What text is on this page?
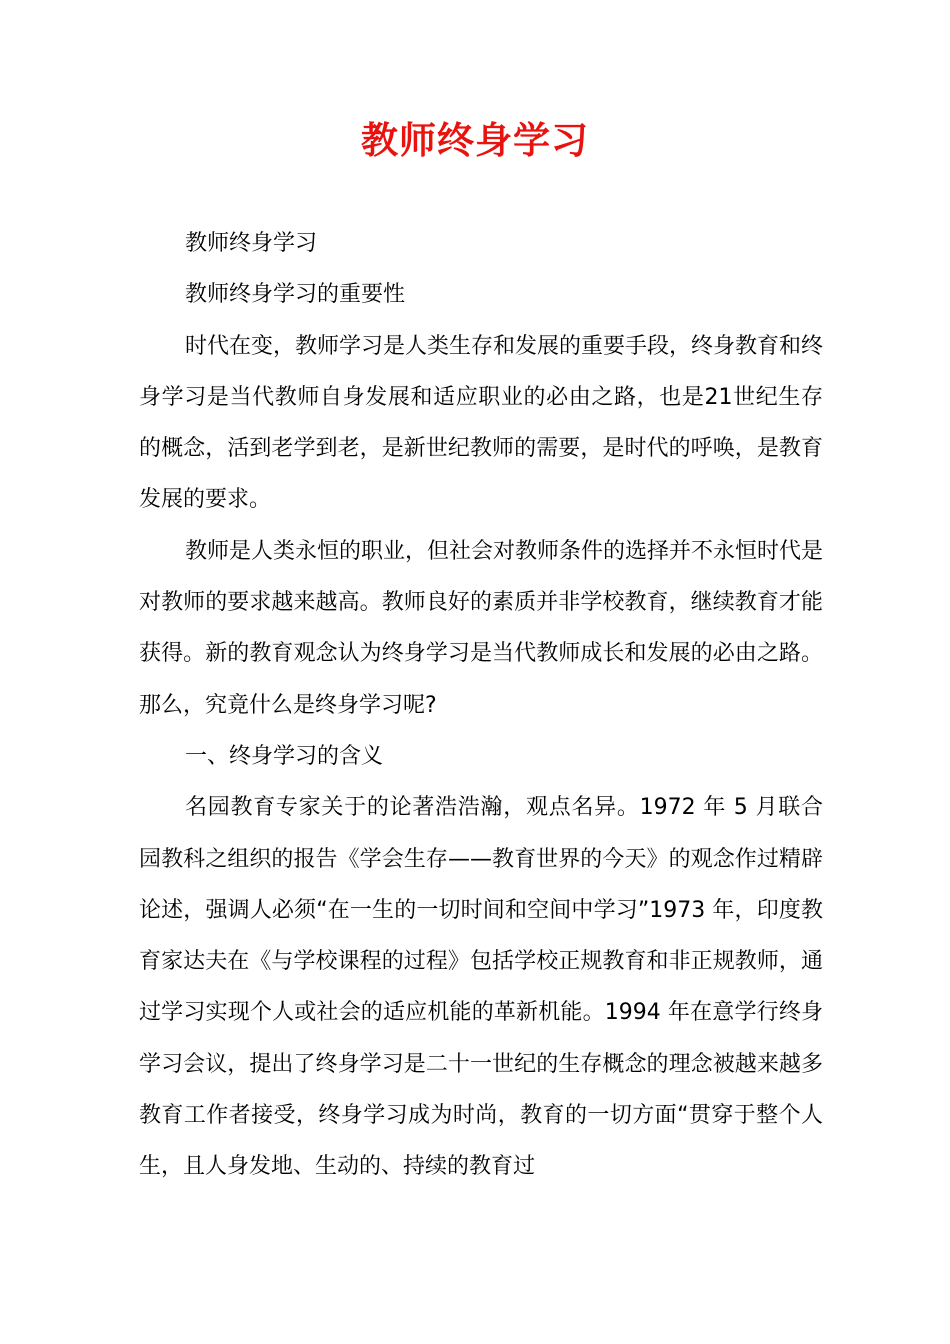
教师终身学习

教师终身学习

教师终身学习的重要性

时代在变，教师学习是人类生存和发展的重要手段，终身教育和终身学习是当代教师自身发展和适应职业的必由之路，也是21世纪生存的概念，活到老学到老，是新世纪教师的需要，是时代的呼唤，是教育发展的要求。

教师是人类永恒的职业，但社会对教师条件的选择并不永恒时代是对教师的要求越来越高。教师良好的素质并非学校教育，继续教育才能获得。新的教育观念认为终身学习是当代教师成长和发展的必由之路。那么，究竟什么是终身学习呢?

一、终身学习的含义

名园教育专家关于的论著浩浩瀚，观点名异。1972 年 5 月联合园教科之组织的报告《学会生存——教育世界的今天》的观念作过精辟论述，强调人必须“在一生的一切时间和空间中学习”1973 年，印度教育家达夫在《与学校课程的过程》包括学校正规教育和非正规教师，通过学习实现个人或社会的适应机能的革新机能。1994 年在意学行终身学习会议，提出了终身学习是二十一世纪的生存概念的理念被越来越多教育工作者接受，终身学习成为时尚，教育的一切方面“贯穿于整个人生，且人身发地、生动的、持续的教育过
